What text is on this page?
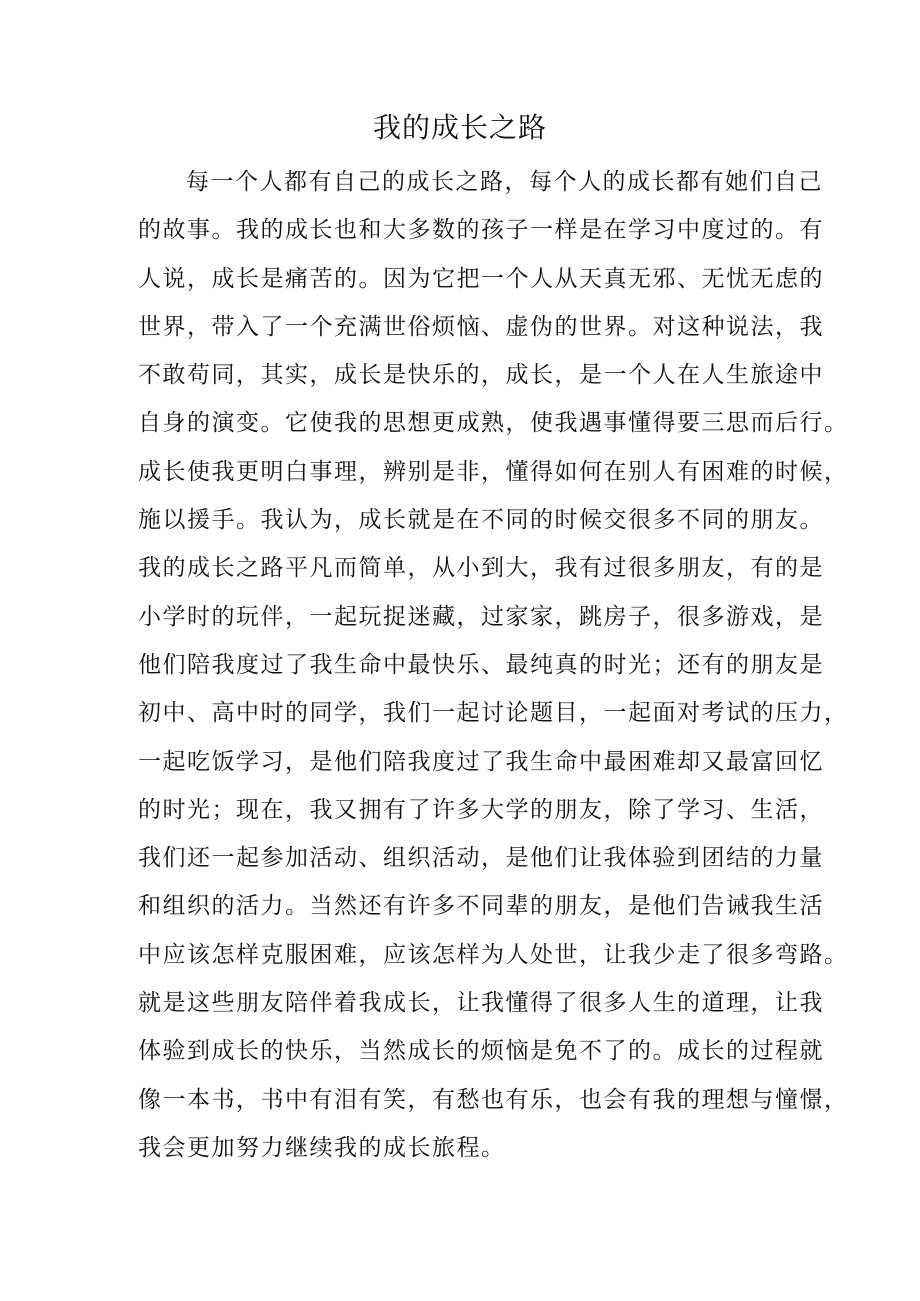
我的成长之路
每一个人都有自己的成长之路，每个人的成长都有她们自己
的故事。我的成长也和大多数的孩子一样是在学习中度过的。有
人说，成长是痛苦的。因为它把一个人从天真无邪、无忧无虑的
世界，带入了一个充满世俗烦恼、虚伪的世界。对这种说法，我
不敢苟同，其实，成长是快乐的，成长，是一个人在人生旅途中
自身的演变。它使我的思想更成熟，使我遇事懂得要三思而后行。
成长使我更明白事理，辨别是非，懂得如何在别人有困难的时候，
施以援手。我认为，成长就是在不同的时候交很多不同的朋友。
我的成长之路平凡而简单，从小到大，我有过很多朋友，有的是
小学时的玩伴，一起玩捉迷藏，过家家，跳房子，很多游戏，是
他们陪我度过了我生命中最快乐、最纯真的时光；还有的朋友是
初中、高中时的同学，我们一起讨论题目，一起面对考试的压力，
一起吃饭学习，是他们陪我度过了我生命中最困难却又最富回忆
的时光；现在，我又拥有了许多大学的朋友，除了学习、生活，
我们还一起参加活动、组织活动，是他们让我体验到团结的力量
和组织的活力。当然还有许多不同辈的朋友，是他们告诫我生活
中应该怎样克服困难，应该怎样为人处世，让我少走了很多弯路。
就是这些朋友陪伴着我成长，让我懂得了很多人生的道理，让我
体验到成长的快乐，当然成长的烦恼是免不了的。成长的过程就
像一本书，书中有泪有笑，有愁也有乐，也会有我的理想与憧憬，
我会更加努力继续我的成长旅程。
